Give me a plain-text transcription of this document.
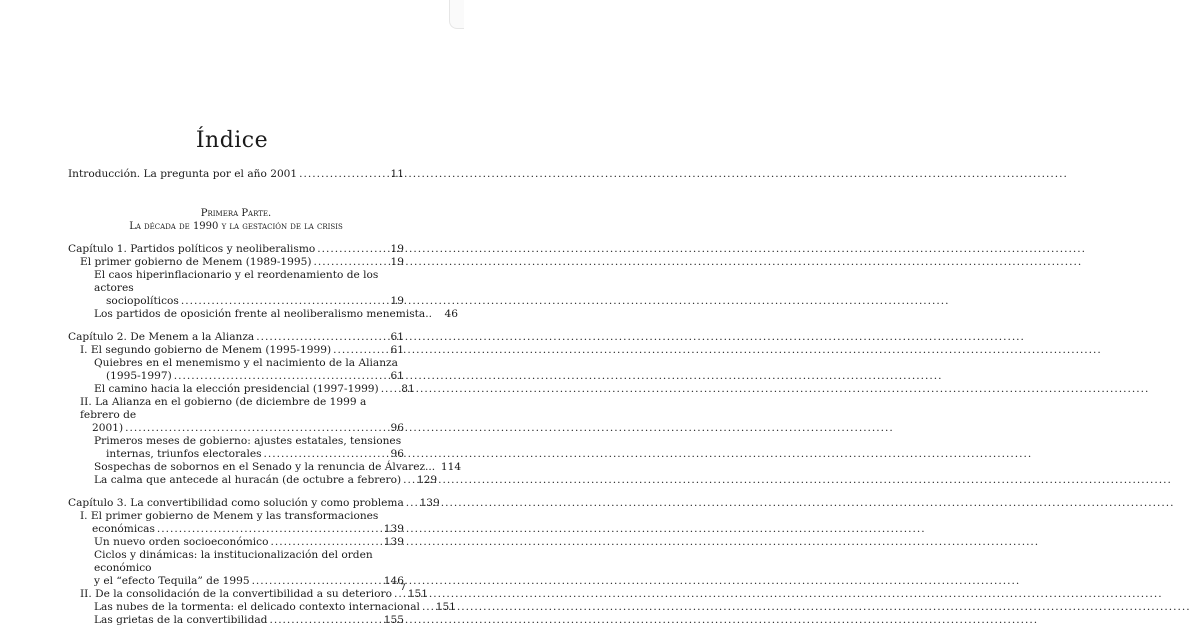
Índice
Introducción. La pregunta por el año 2001 .....	11
Primera Parte.
La década de 1990 y la gestación de la crisis
Capítulo 1. Partidos políticos y neoliberalismo .....	19
El primer gobierno de Menem (1989-1995) .....	19
El caos hiperinflacionario y el reordenamiento de los actores
sociopolíticos .....	19
Los partidos de oposición frente al neoliberalismo menemista..	46
Capítulo 2. De Menem a la Alianza .....	61
I. El segundo gobierno de Menem (1995-1999) .....	61
Quiebres en el menemismo y el nacimiento de la Alianza
(1995-1997) .....	61
El camino hacia la elección presidencial (1997-1999) .....	81
II. La Alianza en el gobierno (de diciembre de 1999 a febrero de
2001) .....	96
Primeros meses de gobierno: ajustes estatales, tensiones
internas, triunfos electorales .....	96
Sospechas de sobornos en el Senado y la renuncia de Álvarez... 114
La calma que antecede al huracán (de octubre a febrero) .....	129
Capítulo 3. La convertibilidad como solución y como problema .....	139
I. El primer gobierno de Menem y las transformaciones
económicas .....	139
Un nuevo orden socioeconómico .....	139
Ciclos y dinámicas: la institucionalización del orden económico
y el “efecto Tequila” de 1995 .....	146
II. De la consolidación de la convertibilidad a su deterioro .....	151
Las nubes de la tormenta: el delicado contexto internacional .....	151
Las grietas de la convertibilidad .....	155
7
